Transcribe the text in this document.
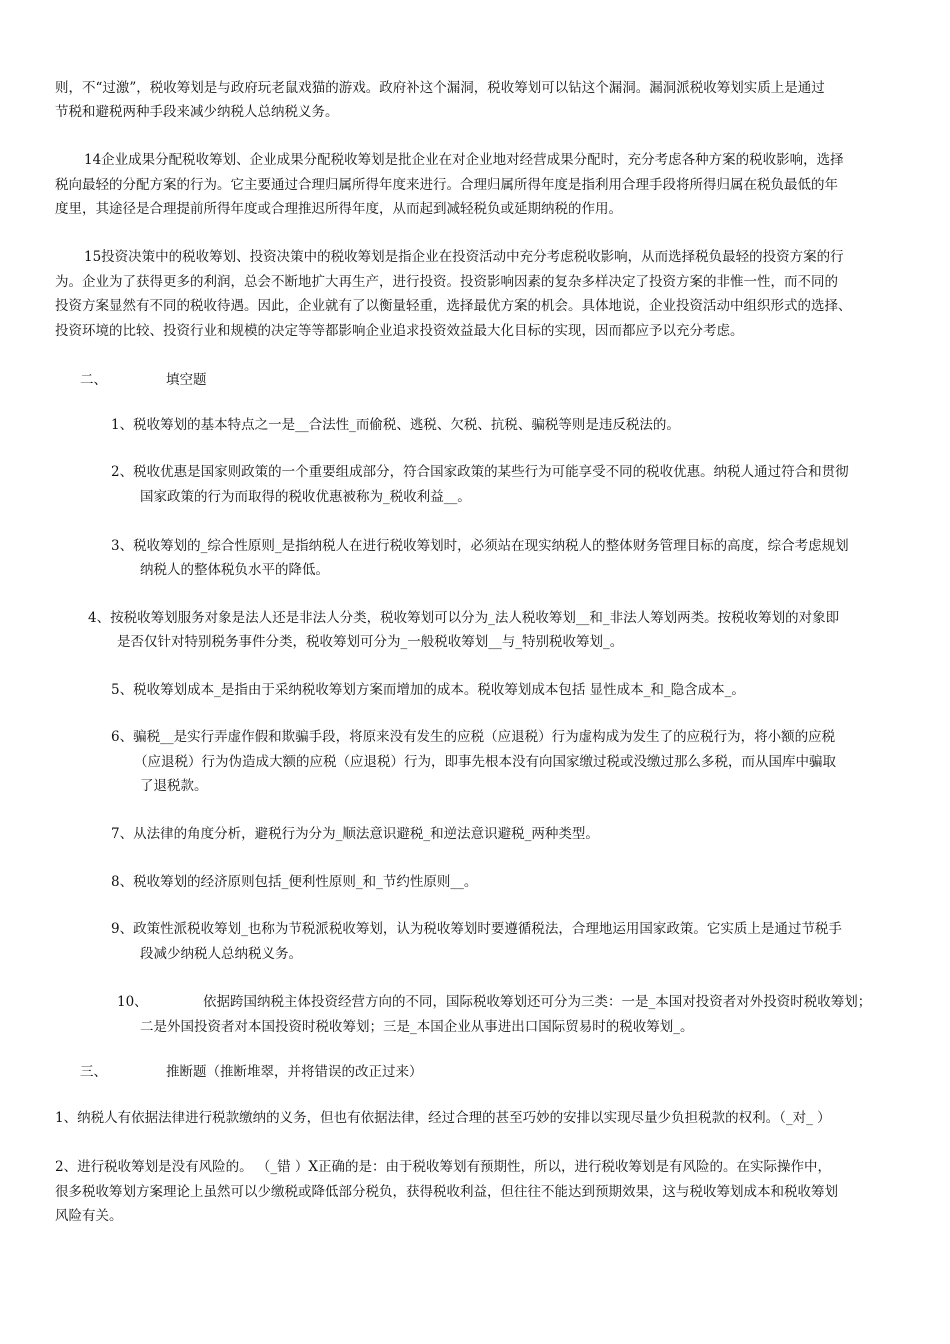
则，不“过激”，税收筹划是与政府玩老鼠戏猫的游戏。政府补这个漏洞，税收筹划可以钻这个漏洞。漏洞派税收筹划实质上是通过
节税和避税两种手段来减少纳税人总纳税义务。
14企业成果分配税收筹划、企业成果分配税收筹划是批企业在对企业地对经营成果分配时，充分考虑各种方案的税收影响，选择
税向最轻的分配方案的行为。它主要通过合理归属所得年度来进行。合理归属所得年度是指利用合理手段将所得归属在税负最低的年
度里，其途径是合理提前所得年度或合理推迟所得年度，从而起到减轻税负或延期纳税的作用。
15投资决策中的税收筹划、投资决策中的税收筹划是指企业在投资活动中充分考虑税收影响，从而选择税负最轻的投资方案的行
为。企业为了获得更多的利润，总会不断地扩大再生产，进行投资。投资影响因素的复杂多样决定了投资方案的非惟一性，而不同的
投资方案显然有不同的税收待遇。因此，企业就有了以衡量轻重，选择最优方案的机会。具体地说，企业投资活动中组织形式的选择、
投资环境的比较、投资行业和规模的决定等等都影响企业追求投资效益最大化目标的实现，因而都应予以充分考虑。
二、	填空题
1、税收筹划的基本特点之一是__合法性_而偷税、逃税、欠税、抗税、骗税等则是违反税法的。
2、税收优惠是国家则政策的一个重要组成部分，符合国家政策的某些行为可能享受不同的税收优惠。纳税人通过符合和贯彻
国家政策的行为而取得的税收优惠被称为_税收利益__。
3、税收筹划的_综合性原则_是指纳税人在进行税收筹划时，必须站在现实纳税人的整体财务管理目标的高度，综合考虑规划
纳税人的整体税负水平的降低。
4、按税收筹划服务对象是法人还是非法人分类，税收筹划可以分为_法人税收筹划__和_非法人筹划两类。按税收筹划的对象即
是否仅针对特别税务事件分类，税收筹划可分为_一般税收筹划__与_特别税收筹划_。
5、税收筹划成本_是指由于采纳税收筹划方案而增加的成本。税收筹划成本包括 显性成本_和_隐含成本_。
6、骗税__是实行弄虚作假和欺骗手段，将原来没有发生的应税（应退税）行为虚构成为发生了的应税行为，将小额的应税
（应退税）行为伪造成大额的应税（应退税）行为，即事先根本没有向国家缴过税或没缴过那么多税，而从国库中骗取
了退税款。
7、从法律的角度分析，避税行为分为_顺法意识避税_和逆法意识避税_两种类型。
8、税收筹划的经济原则包括_便利性原则_和_节约性原则__。
9、政策性派税收筹划_也称为节税派税收筹划，认为税收筹划时要遵循税法，合理地运用国家政策。它实质上是通过节税手
段减少纳税人总纳税义务。
10、	依据跨国纳税主体投资经营方向的不同，国际税收筹划还可分为三类：一是_本国对投资者对外投资时税收筹划；
二是外国投资者对本国投资时税收筹划；三是_本国企业从事进出口国际贸易时的税收筹划_。
三、	推断题（推断堆翠，并将错误的改正过来）
1、纳税人有依据法律进行税款缴纳的义务，但也有依据法律，经过合理的甚至巧妙的安排以实现尽量少负担税款的权利。（_对_ ）
2、进行税收筹划是没有风险的。 （_错 ）X正确的是：由于税收筹划有预期性，所以，进行税收筹划是有风险的。在实际操作中，
很多税收筹划方案理论上虽然可以少缴税或降低部分税负，获得税收利益，但往往不能达到预期效果，这与税收筹划成本和税收筹划
风险有关。
